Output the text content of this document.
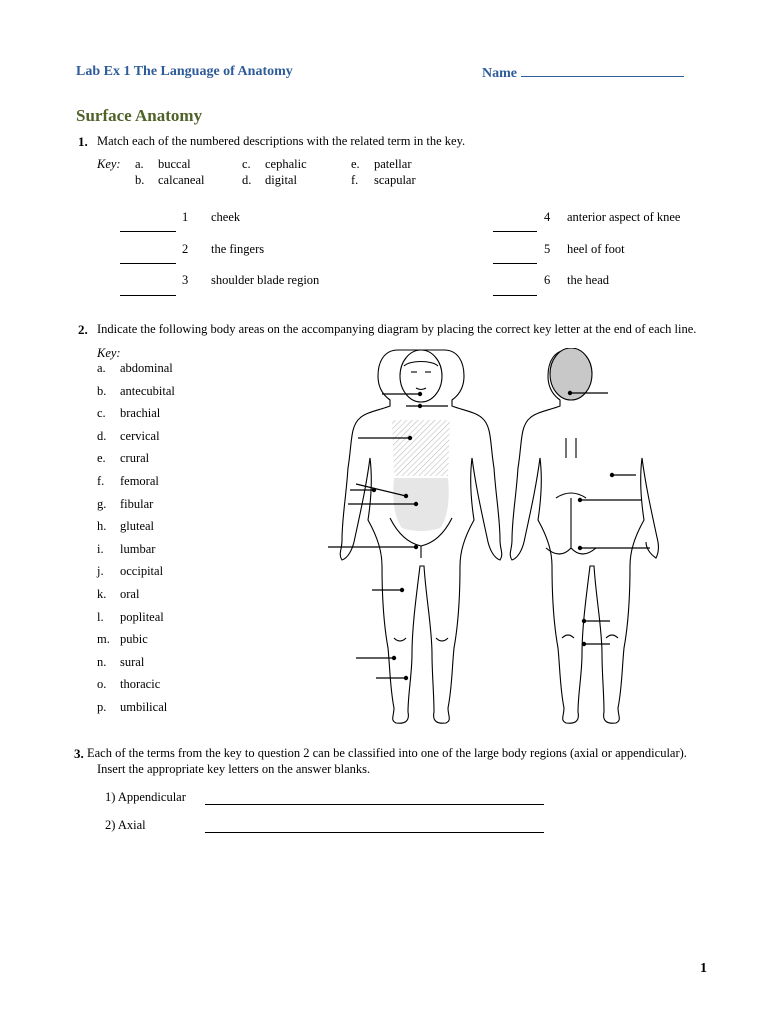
Lab Ex 1 The Language of Anatomy	Name
Surface Anatomy
1. Match each of the numbered descriptions with the related term in the key.
Key: a. buccal
b. calcaneal
c. cephalic
d. digital
e. patellar
f. scapular
1 cheek
2 the fingers
3 shoulder blade region
4 anterior aspect of knee
5 heel of foot
6 the head
2. Indicate the following body areas on the accompanying diagram by placing the correct key letter at the end of each line.
Key:
a. abdominal
b. antecubital
c. brachial
d. cervical
e. crural
f. femoral
g. fibular
h. gluteal
i. lumbar
j. occipital
k. oral
l. popliteal
m. pubic
n. sural
o. thoracic
p. umbilical
3. Each of the terms from the key to question 2 can be classified into one of the large body regions (axial or appendicular).
Insert the appropriate key letters on the answer blanks.
1) Appendicular
2) Axial
1
